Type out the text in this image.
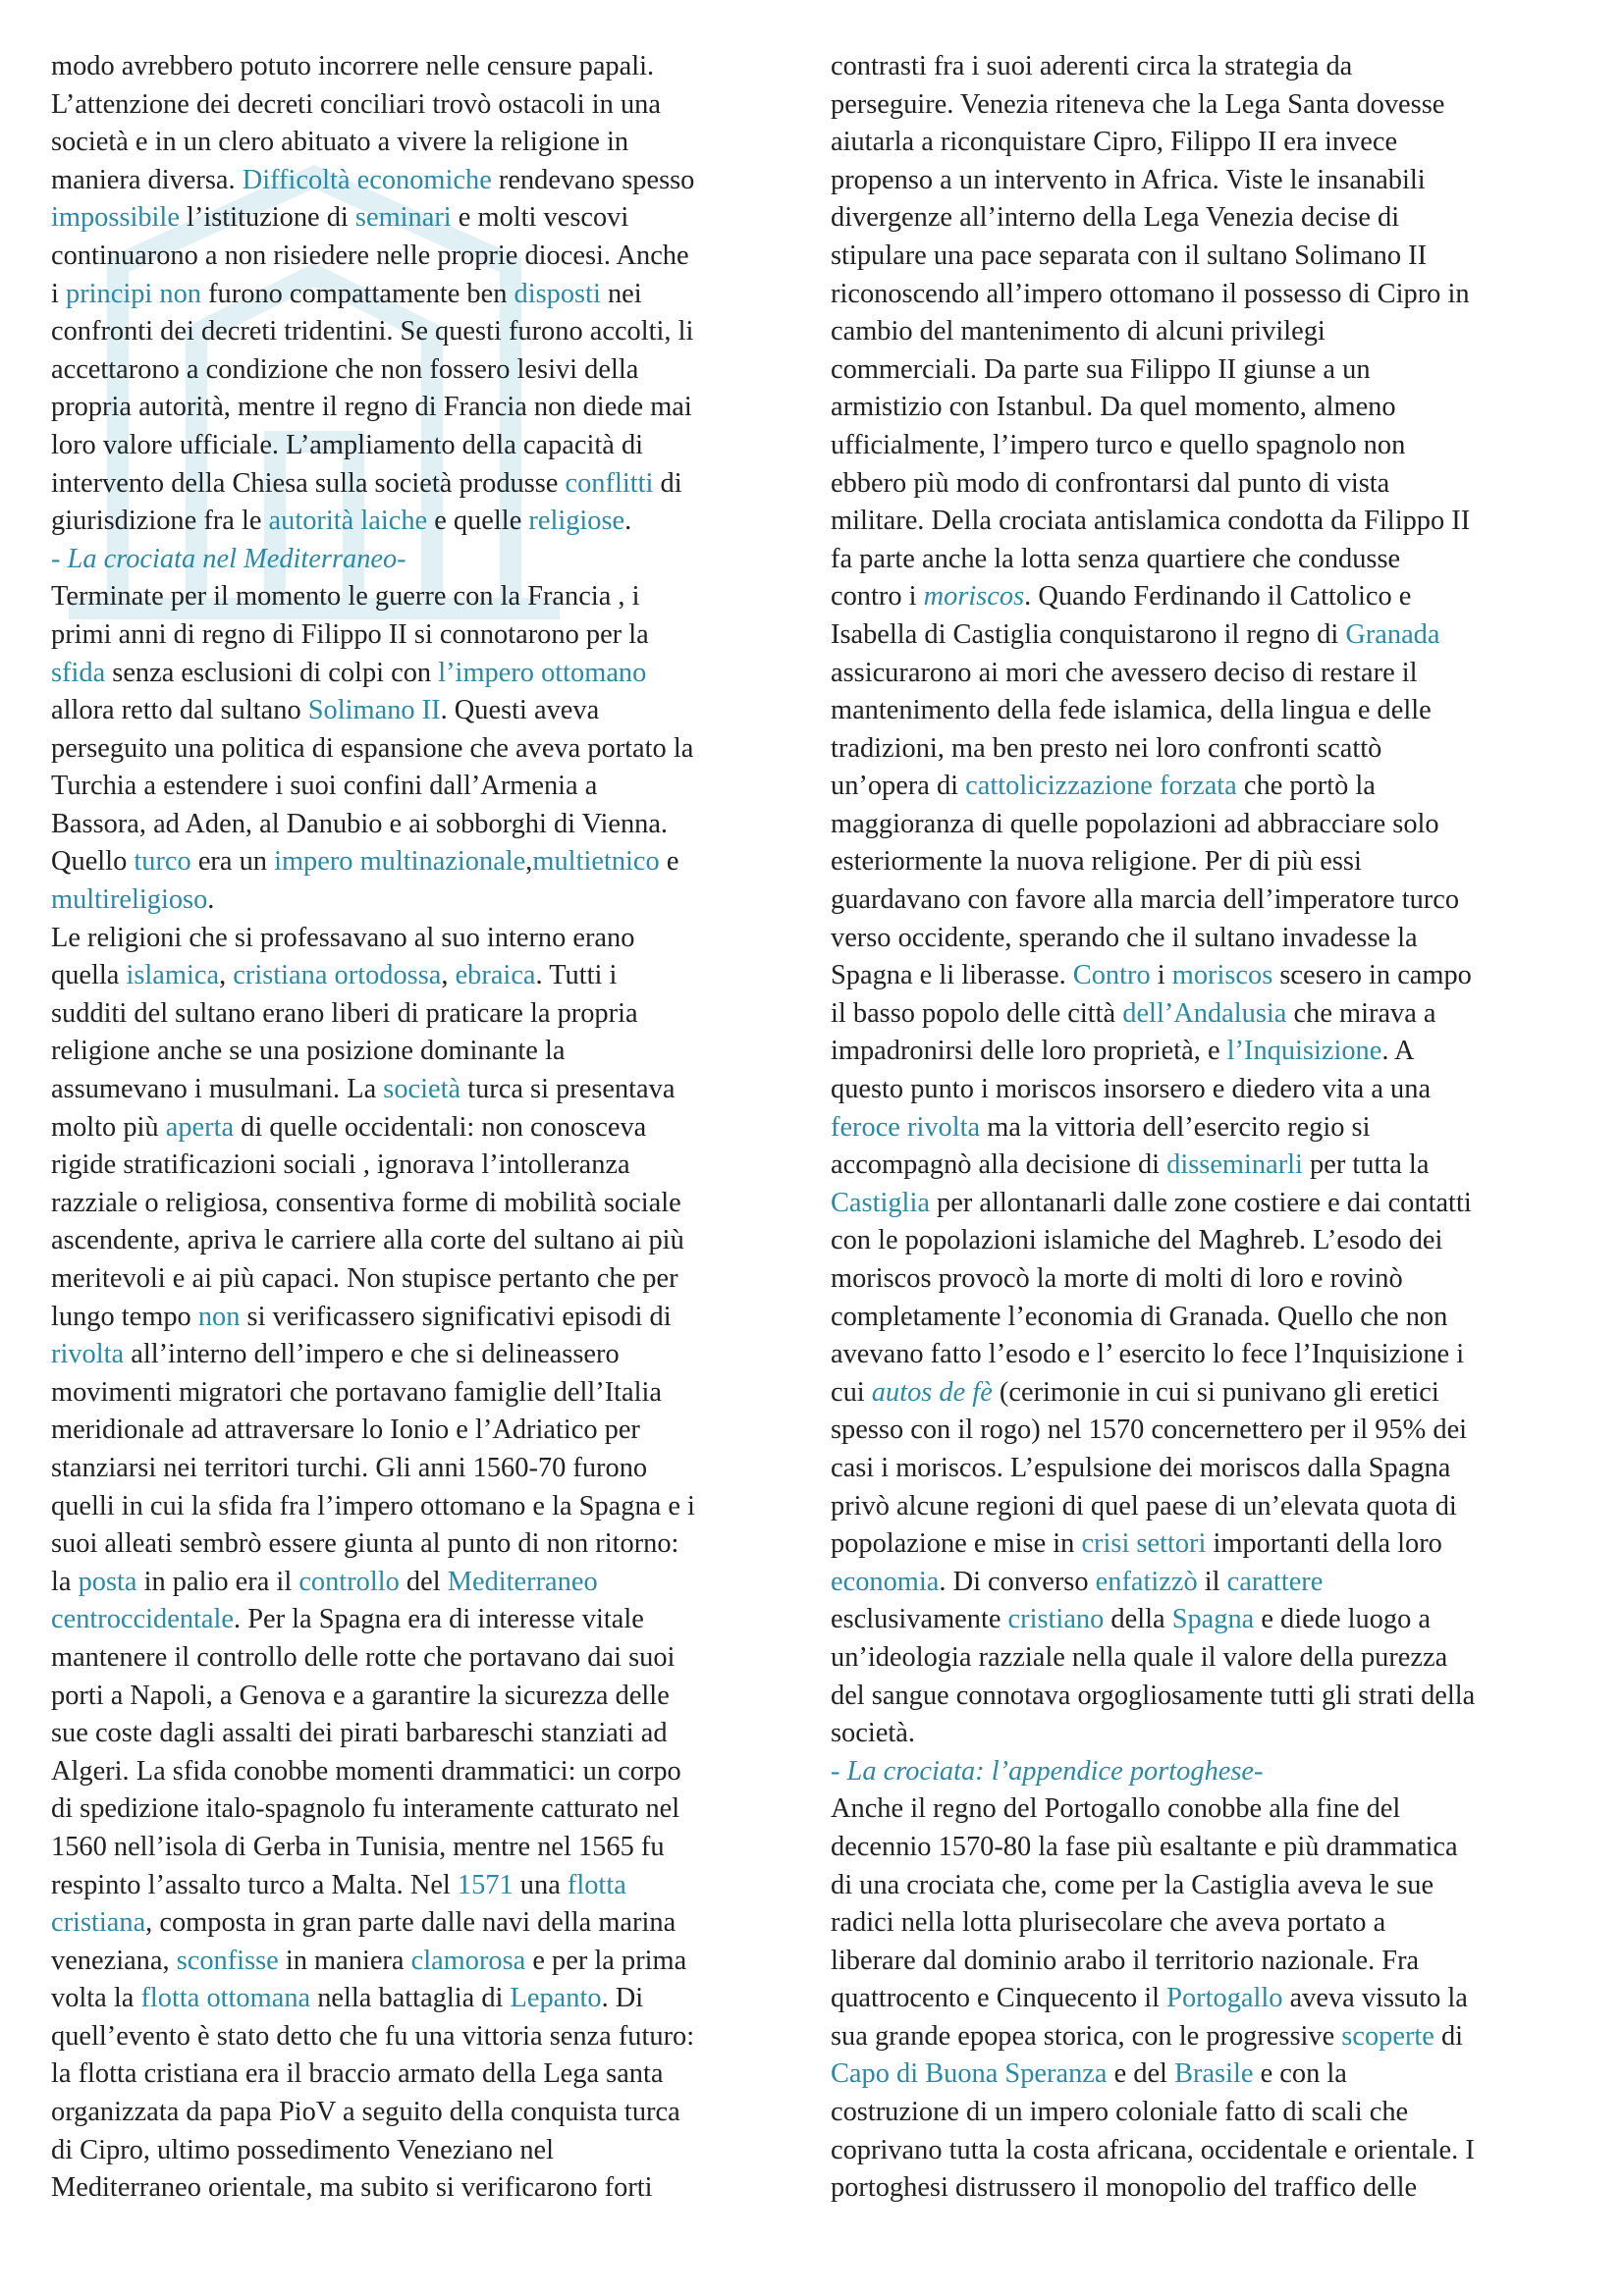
modo avrebbero potuto incorrere nelle censure papali.
L’attenzione dei decreti conciliari trovò ostacoli in una
società e in un clero abituato a vivere la religione in
maniera diversa. Difficoltà economiche rendevano spesso
impossibile l’istituzione di seminari e molti vescovi
continuarono a non risiedere nelle proprie diocesi. Anche
i principi non furono compattamente ben disposti nei
confronti dei decreti tridentini. Se questi furono accolti, li
accettarono a condizione che non fossero lesivi della
propria autorità, mentre il regno di Francia non diede mai
loro valore ufficiale. L’ampliamento della capacità di
intervento della Chiesa sulla società produsse conflitti di
giurisdizione fra le autorità laiche e quelle religiose.
- La crociata nel Mediterraneo-
Terminate per il momento le guerre con la Francia , i
primi anni di regno di Filippo II si connotarono per la
sfida senza esclusioni di colpi con l’impero ottomano
allora retto dal sultano Solimano II. Questi aveva
perseguito una politica di espansione che aveva portato la
Turchia a estendere i suoi confini dall’Armenia a
Bassora, ad Aden, al Danubio e ai sobborghi di Vienna.
Quello turco era un impero multinazionale,multietnico e
multireligioso.
Le religioni che si professavano al suo interno erano
quella islamica, cristiana ortodossa, ebraica. Tutti i
sudditi del sultano erano liberi di praticare la propria
religione anche se una posizione dominante la
assumevano i musulmani. La società turca si presentava
molto più aperta di quelle occidentali: non conosceva
rigide stratificazioni sociali , ignorava l’intolleranza
razziale o religiosa, consentiva forme di mobilità sociale
ascendente, apriva le carriere alla corte del sultano ai più
meritevoli e ai più capaci. Non stupisce pertanto che per
lungo tempo non si verificassero significativi episodi di
rivolta all’interno dell’impero e che si delineassero
movimenti migratori che portavano famiglie dell’Italia
meridionale ad attraversare lo Ionio e l’Adriatico per
stanziarsi nei territori turchi. Gli anni 1560-70 furono
quelli in cui la sfida fra l’impero ottomano e la Spagna e i
suoi alleati sembrò essere giunta al punto di non ritorno:
la posta in palio era il controllo del Mediterraneo
centroccidentale. Per la Spagna era di interesse vitale
mantenere il controllo delle rotte che portavano dai suoi
porti a Napoli, a Genova e a garantire la sicurezza delle
sue coste dagli assalti dei pirati barbareschi stanziati ad
Algeri. La sfida conobbe momenti drammatici: un corpo
di spedizione italo-spagnolo fu interamente catturato nel
1560 nell’isola di Gerba in Tunisia, mentre nel 1565 fu
respinto l’assalto turco a Malta. Nel 1571 una flotta
cristiana, composta in gran parte dalle navi della marina
veneziana, sconfisse in maniera clamorosa e per la prima
volta la flotta ottomana nella battaglia di Lepanto. Di
quell’evento è stato detto che fu una vittoria senza futuro:
la flotta cristiana era il braccio armato della Lega santa
organizzata da papa PioV a seguito della conquista turca
di Cipro, ultimo possedimento Veneziano nel
Mediterraneo orientale, ma subito si verificarono forti
contrasti fra i suoi aderenti circa la strategia da
perseguire. Venezia riteneva che la Lega Santa dovesse
aiutarla a riconquistare Cipro, Filippo II era invece
propenso a un intervento in Africa. Viste le insanabili
divergenze all’interno della Lega Venezia decise di
stipulare una pace separata con il sultano Solimano II
riconoscendo all’impero ottomano il possesso di Cipro in
cambio del mantenimento di alcuni privilegi
commerciali. Da parte sua Filippo II giunse a un
armistizio con Istanbul. Da quel momento, almeno
ufficialmente, l’impero turco e quello spagnolo non
ebbero più modo di confrontarsi dal punto di vista
militare. Della crociata antislamica condotta da Filippo II
fa parte anche la lotta senza quartiere che condusse
contro i moriscos. Quando Ferdinando il Cattolico e
Isabella di Castiglia conquistarono il regno di Granada
assicurarono ai mori che avessero deciso di restare il
mantenimento della fede islamica, della lingua e delle
tradizioni, ma ben presto nei loro confronti scattò
un’opera di cattolicizzazione forzata che portò la
maggioranza di quelle popolazioni ad abbracciare solo
esteriormente la nuova religione. Per di più essi
guardavano con favore alla marcia dell’imperatore turco
verso occidente, sperando che il sultano invadesse la
Spagna e li liberasse. Contro i moriscos scesero in campo
il basso popolo delle città dell’Andalusia che mirava a
impadronirsi delle loro proprietà, e l’Inquisizione. A
questo punto i moriscos insorsero e diedero vita a una
feroce rivolta ma la vittoria dell’esercito regio si
accompagnò alla decisione di disseminarli per tutta la
Castiglia per allontanarli dalle zone costiere e dai contatti
con le popolazioni islamiche del Maghreb. L’esodo dei
moriscos provocò la morte di molti di loro e rovinò
completamente l’economia di Granada. Quello che non
avevano fatto l’esodo e l’ esercito lo fece l’Inquisizione i
cui autos de fè (cerimonie in cui si punivano gli eretici
spesso con il rogo) nel 1570 concernettero per il 95% dei
casi i moriscos. L’espulsione dei moriscos dalla Spagna
privò alcune regioni di quel paese di un’elevata quota di
popolazione e mise in crisi settori importanti della loro
economia. Di converso enfatizzò il carattere
esclusivamente cristiano della Spagna e diede luogo a
un’ideologia razziale nella quale il valore della purezza
del sangue connotava orgogliosamente tutti gli strati della
società.
- La crociata: l’appendice portoghese-
Anche il regno del Portogallo conobbe alla fine del
decennio 1570-80 la fase più esaltante e più drammatica
di una crociata che, come per la Castiglia aveva le sue
radici nella lotta plurisecolare che aveva portato a
liberare dal dominio arabo il territorio nazionale. Fra
quattrocento e Cinquecento il Portogallo aveva vissuto la
sua grande epopea storica, con le progressive scoperte di
Capo di Buona Speranza e del Brasile e con la
costruzione di un impero coloniale fatto di scali che
coprivano tutta la costa africana, occidentale e orientale. I
portoghesi distrussero il monopolio del traffico delle
